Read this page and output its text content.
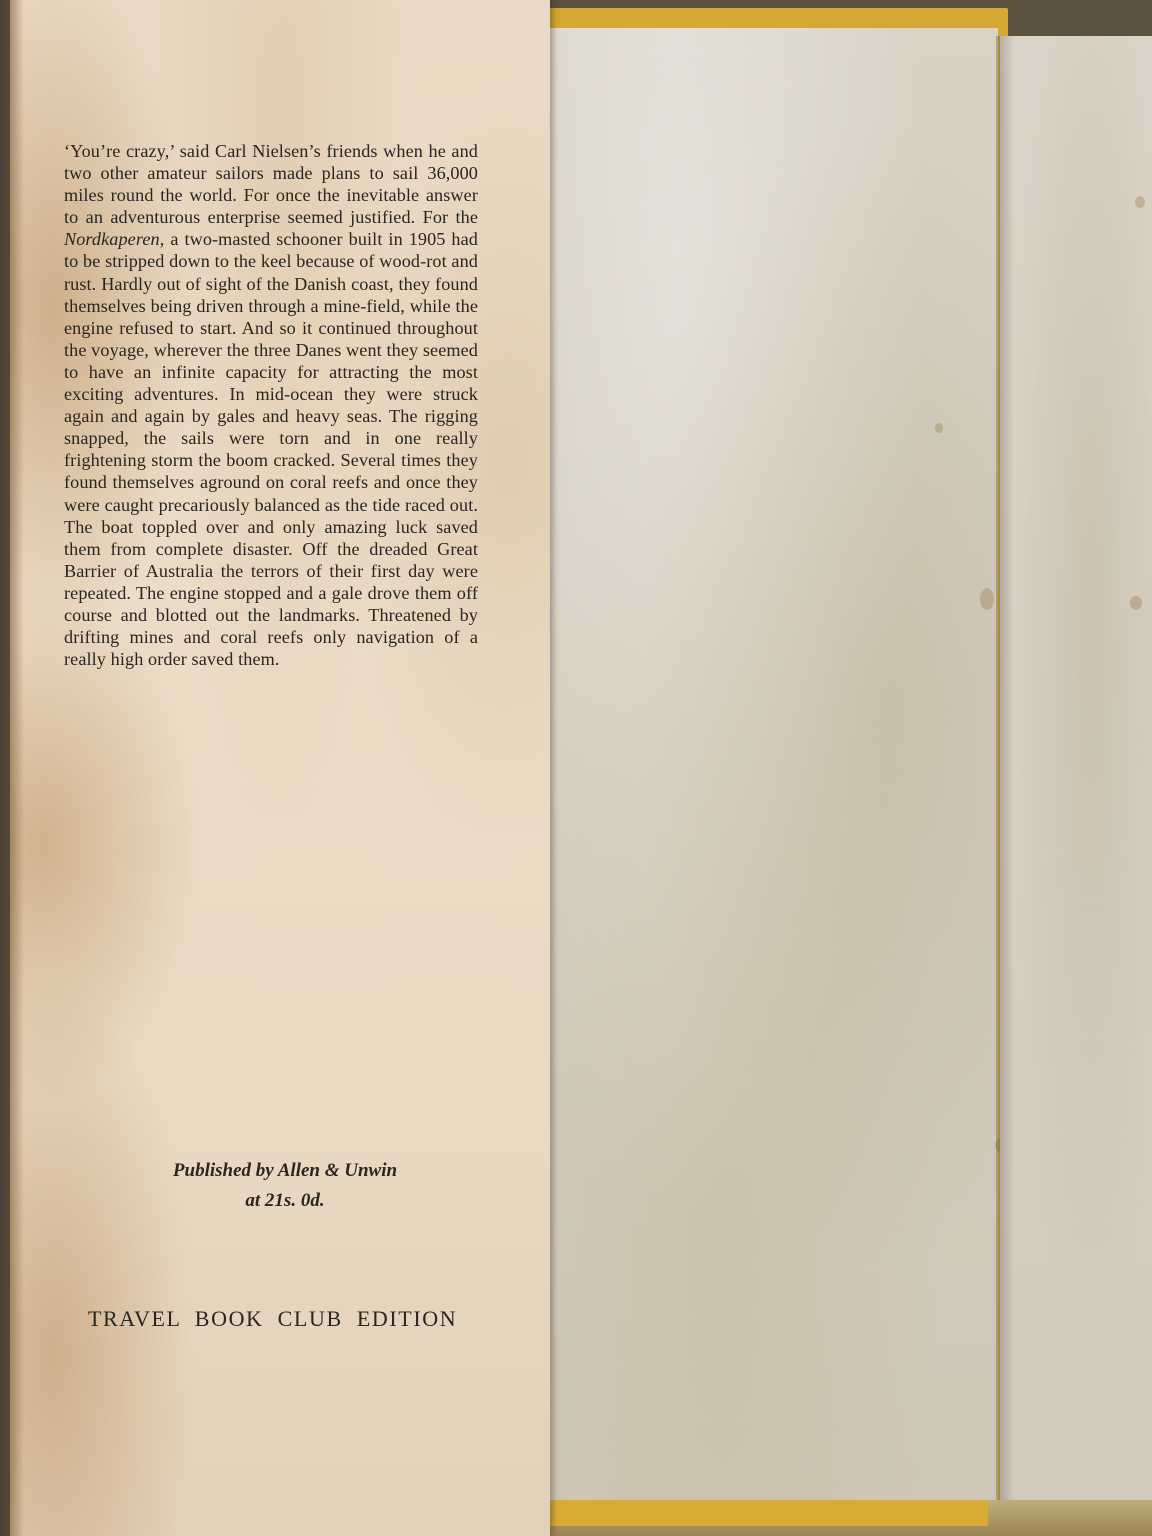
‘You’re crazy,’ said Carl Nielsen’s friends when he and two other amateur sailors made plans to sail 36,000 miles round the world. For once the inevitable answer to an adventurous enterprise seemed justified. For the Nordkaperen, a two-masted schooner built in 1905 had to be stripped down to the keel because of wood-rot and rust. Hardly out of sight of the Danish coast, they found themselves being driven through a mine-field, while the engine refused to start. And so it continued throughout the voyage, wherever the three Danes went they seemed to have an infinite capacity for attracting the most exciting adventures. In mid-ocean they were struck again and again by gales and heavy seas. The rigging snapped, the sails were torn and in one really frightening storm the boom cracked. Several times they found themselves aground on coral reefs and once they were caught precariously balanced as the tide raced out. The boat toppled over and only amazing luck saved them from complete disaster. Off the dreaded Great Barrier of Australia the terrors of their first day were repeated. The engine stopped and a gale drove them off course and blotted out the landmarks. Threatened by drifting mines and coral reefs only navigation of a really high order saved them.

Published by Allen & Unwin
at 21s. 0d.
TRAVEL BOOK CLUB EDITION
